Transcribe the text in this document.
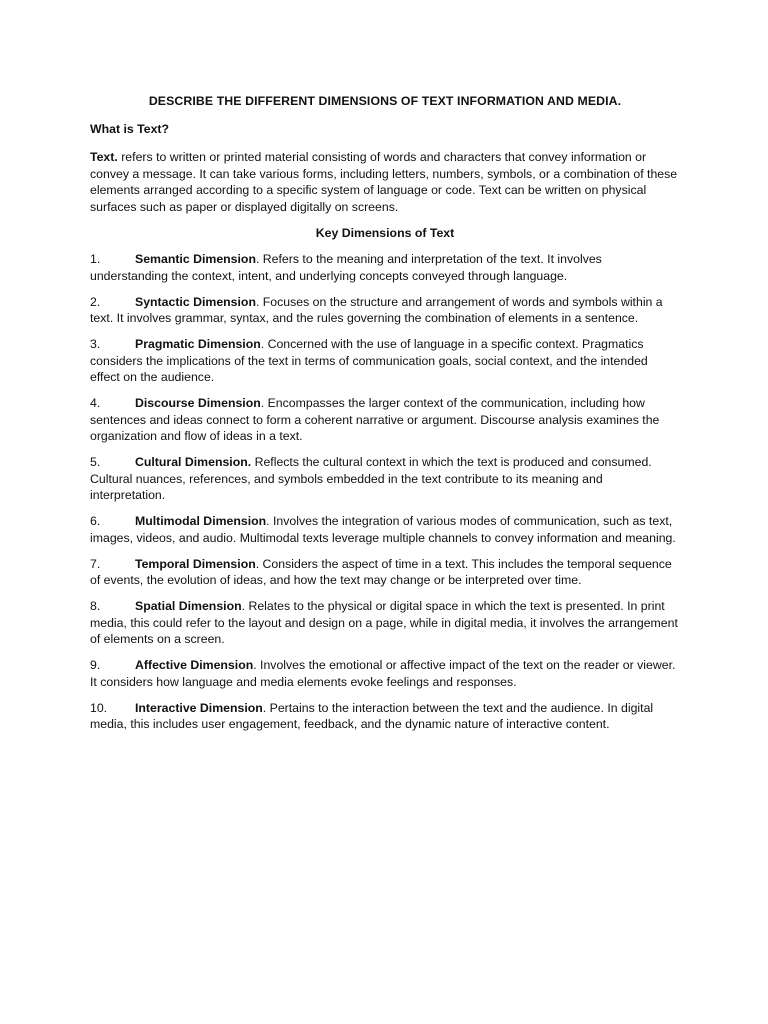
DESCRIBE THE DIFFERENT DIMENSIONS OF TEXT INFORMATION AND MEDIA.
What is Text?

Text. refers to written or printed material consisting of words and characters that convey information or convey a message. It can take various forms, including letters, numbers, symbols, or a combination of these elements arranged according to a specific system of language or code. Text can be written on physical surfaces such as paper or displayed digitally on screens.

Key Dimensions of Text

1.	Semantic Dimension. Refers to the meaning and interpretation of the text. It involves understanding the context, intent, and underlying concepts conveyed through language.

2.	Syntactic Dimension. Focuses on the structure and arrangement of words and symbols within a text. It involves grammar, syntax, and the rules governing the combination of elements in a sentence.

3.	Pragmatic Dimension. Concerned with the use of language in a specific context. Pragmatics considers the implications of the text in terms of communication goals, social context, and the intended effect on the audience.

4.	Discourse Dimension. Encompasses the larger context of the communication, including how sentences and ideas connect to form a coherent narrative or argument. Discourse analysis examines the organization and flow of ideas in a text.

5.	Cultural Dimension. Reflects the cultural context in which the text is produced and consumed. Cultural nuances, references, and symbols embedded in the text contribute to its meaning and interpretation.

6.	Multimodal Dimension. Involves the integration of various modes of communication, such as text, images, videos, and audio. Multimodal texts leverage multiple channels to convey information and meaning.

7.	Temporal Dimension. Considers the aspect of time in a text. This includes the temporal sequence of events, the evolution of ideas, and how the text may change or be interpreted over time.

8.	Spatial Dimension. Relates to the physical or digital space in which the text is presented. In print media, this could refer to the layout and design on a page, while in digital media, it involves the arrangement of elements on a screen.

9.	Affective Dimension. Involves the emotional or affective impact of the text on the reader or viewer. It considers how language and media elements evoke feelings and responses.

10. Interactive Dimension. Pertains to the interaction between the text and the audience. In digital media, this includes user engagement, feedback, and the dynamic nature of interactive content.
